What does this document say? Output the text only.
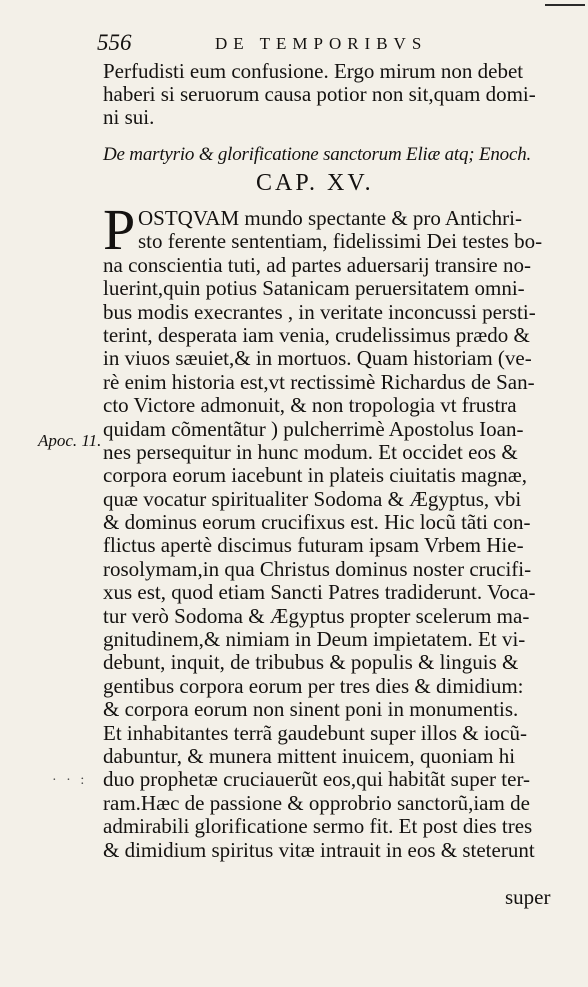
556	DE TEMPORIBVS
Perfudisti eum confusione. Ergo mirum non debet
haberi si seruorum causa potior non sit,quam domi-
ni sui.
De martyrio & glorificatione sanctorum Eliæ atq; Enoch.
CAP. XV.
P OSTQVAM mundo spectante & pro Antichri-
sto ferente sententiam, fidelissimi Dei testes bo-
na conscientia tuti, ad partes aduersarij transire no-
luerint,quin potius Satanicam peruersitatem omni-
bus modis execrantes , in veritate inconcussi persti-
terint, desperata iam venia, crudelissimus prædo &
in viuos sæuiet,& in mortuos. Quam historiam (ve-
rè enim historia est,vt rectissimè Richardus de San-
cto Victore admonuit, & non tropologia vt frustra
quidam cõmentãtur ) pulcherrimè Apostolus Ioan-
nes persequitur in hunc modum. Et occidet eos &
corpora eorum iacebunt in plateis ciuitatis magnæ,
quæ vocatur spiritualiter Sodoma & Ægyptus, vbi
& dominus eorum crucifixus est. Hic locũ tãti con-
flictus apertè discimus futuram ipsam Vrbem Hie-
rosolymam,in qua Christus dominus noster crucifi-
xus est, quod etiam Sancti Patres tradiderunt. Voca-
tur verò Sodoma & Ægyptus propter scelerum ma-
gnitudinem,& nimiam in Deum impietatem. Et vi-
debunt, inquit, de tribubus & populis & linguis &
gentibus corpora eorum per tres dies & dimidium:
& corpora eorum non sinent poni in monumentis.
Et inhabitantes terrã gaudebunt super illos & iocũ-
dabuntur, & munera mittent inuicem, quoniam hi
duo prophetæ cruciauerũt eos,qui habitãt super ter-
ram.Hæc de passione & opprobrio sanctorũ,iam de
admirabili glorificatione sermo fit. Et post dies tres
& dimidium spiritus vitæ intrauit in eos & steterunt
Apoc. 11.
· · :
super
